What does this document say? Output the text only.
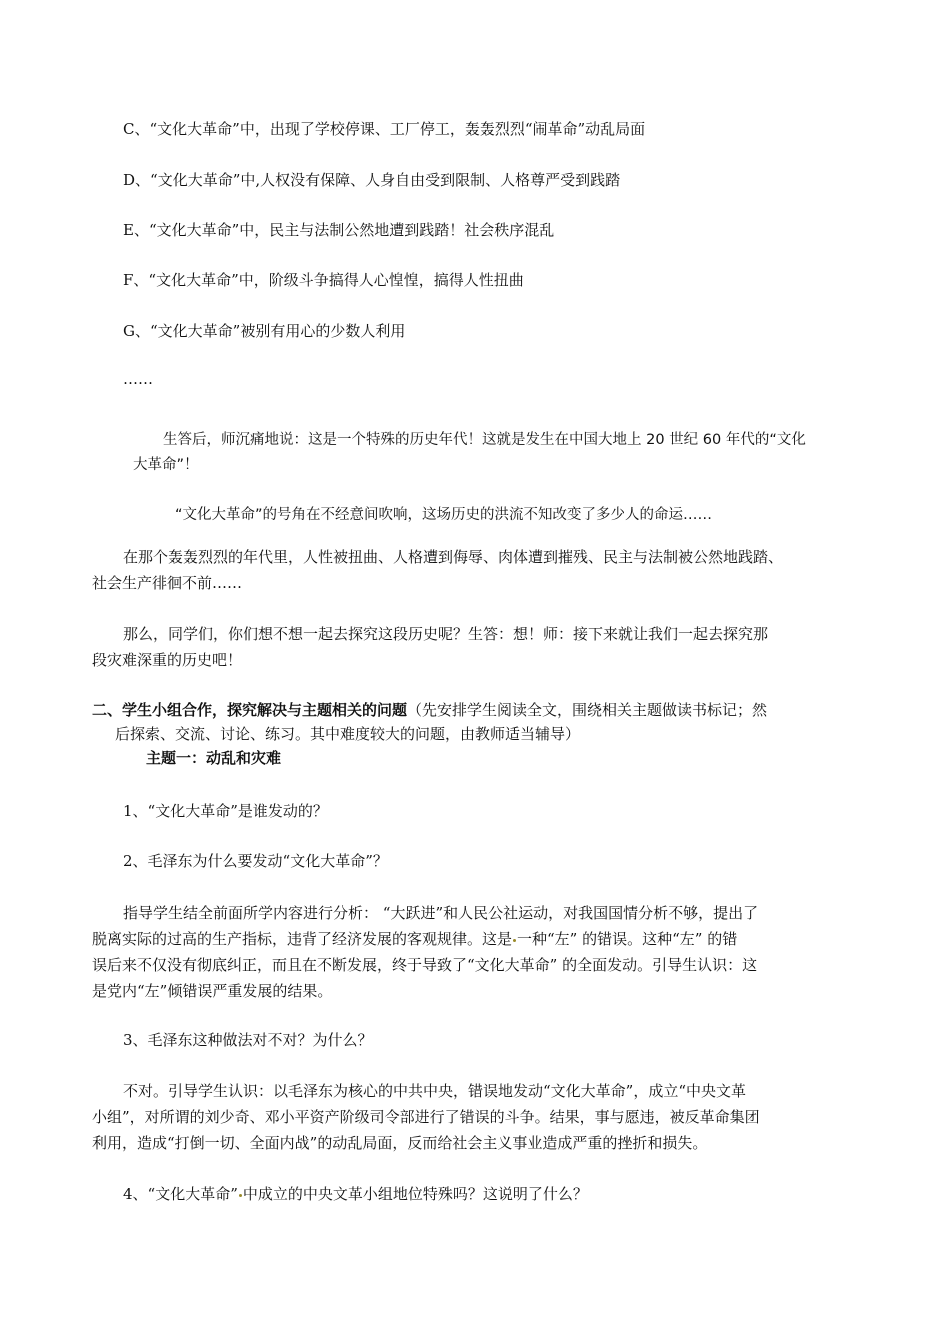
C、“文化大革命”中，出现了学校停课、工厂停工，轰轰烈烈“闹革命”动乱局面
D、“文化大革命”中,人权没有保障、人身自由受到限制、人格尊严受到践踏
E、“文化大革命”中，民主与法制公然地遭到践踏！社会秩序混乱
F、“文化大革命”中，阶级斗争搞得人心惶惶，搞得人性扭曲
G、“文化大革命”被别有用心的少数人利用
……
生答后，师沉痛地说：这是一个特殊的历史年代！这就是发生在中国大地上 20 世纪 60 年代的“文化
大革命”！
“文化大革命”的号角在不经意间吹响，这场历史的洪流不知改变了多少人的命运……
在那个轰轰烈烈的年代里，人性被扭曲、人格遭到侮辱、肉体遭到摧残、民主与法制被公然地践踏、
社会生产徘徊不前……
那么，同学们，你们想不想一起去探究这段历史呢？生答：想！师：接下来就让我们一起去探究那
段灾难深重的历史吧！
二、学生小组合作，探究解决与主题相关的问题（先安排学生阅读全文，围绕相关主题做读书标记；然
后探索、交流、讨论、练习。其中难度较大的问题，由教师适当辅导）
主题一：动乱和灾难
1、“文化大革命”是谁发动的？
2、毛泽东为什么要发动“文化大革命”？
指导学生结全前面所学内容进行分析： “大跃进”和人民公社运动，对我国国情分析不够，提出了
脱离实际的过高的生产指标，违背了经济发展的客观规律。这是 一种“左” 的错误。这种“左” 的错
误后来不仅没有彻底纠正，而且在不断发展，终于导致了“文化大革命” 的全面发动。引导生认识：这
是党内“左”倾错误严重发展的结果。
3、毛泽东这种做法对不对？为什么？
不对。引导学生认识：以毛泽东为核心的中共中央，错误地发动“文化大革命”，成立“中央文革
小组”，对所谓的刘少奇、邓小平资产阶级司令部进行了错误的斗争。结果，事与愿违，被反革命集团
利用，造成“打倒一切、全面内战”的动乱局面，反而给社会主义事业造成严重的挫折和损失。
4、“文化大革命” 中成立的中央文革小组地位特殊吗？这说明了什么？
